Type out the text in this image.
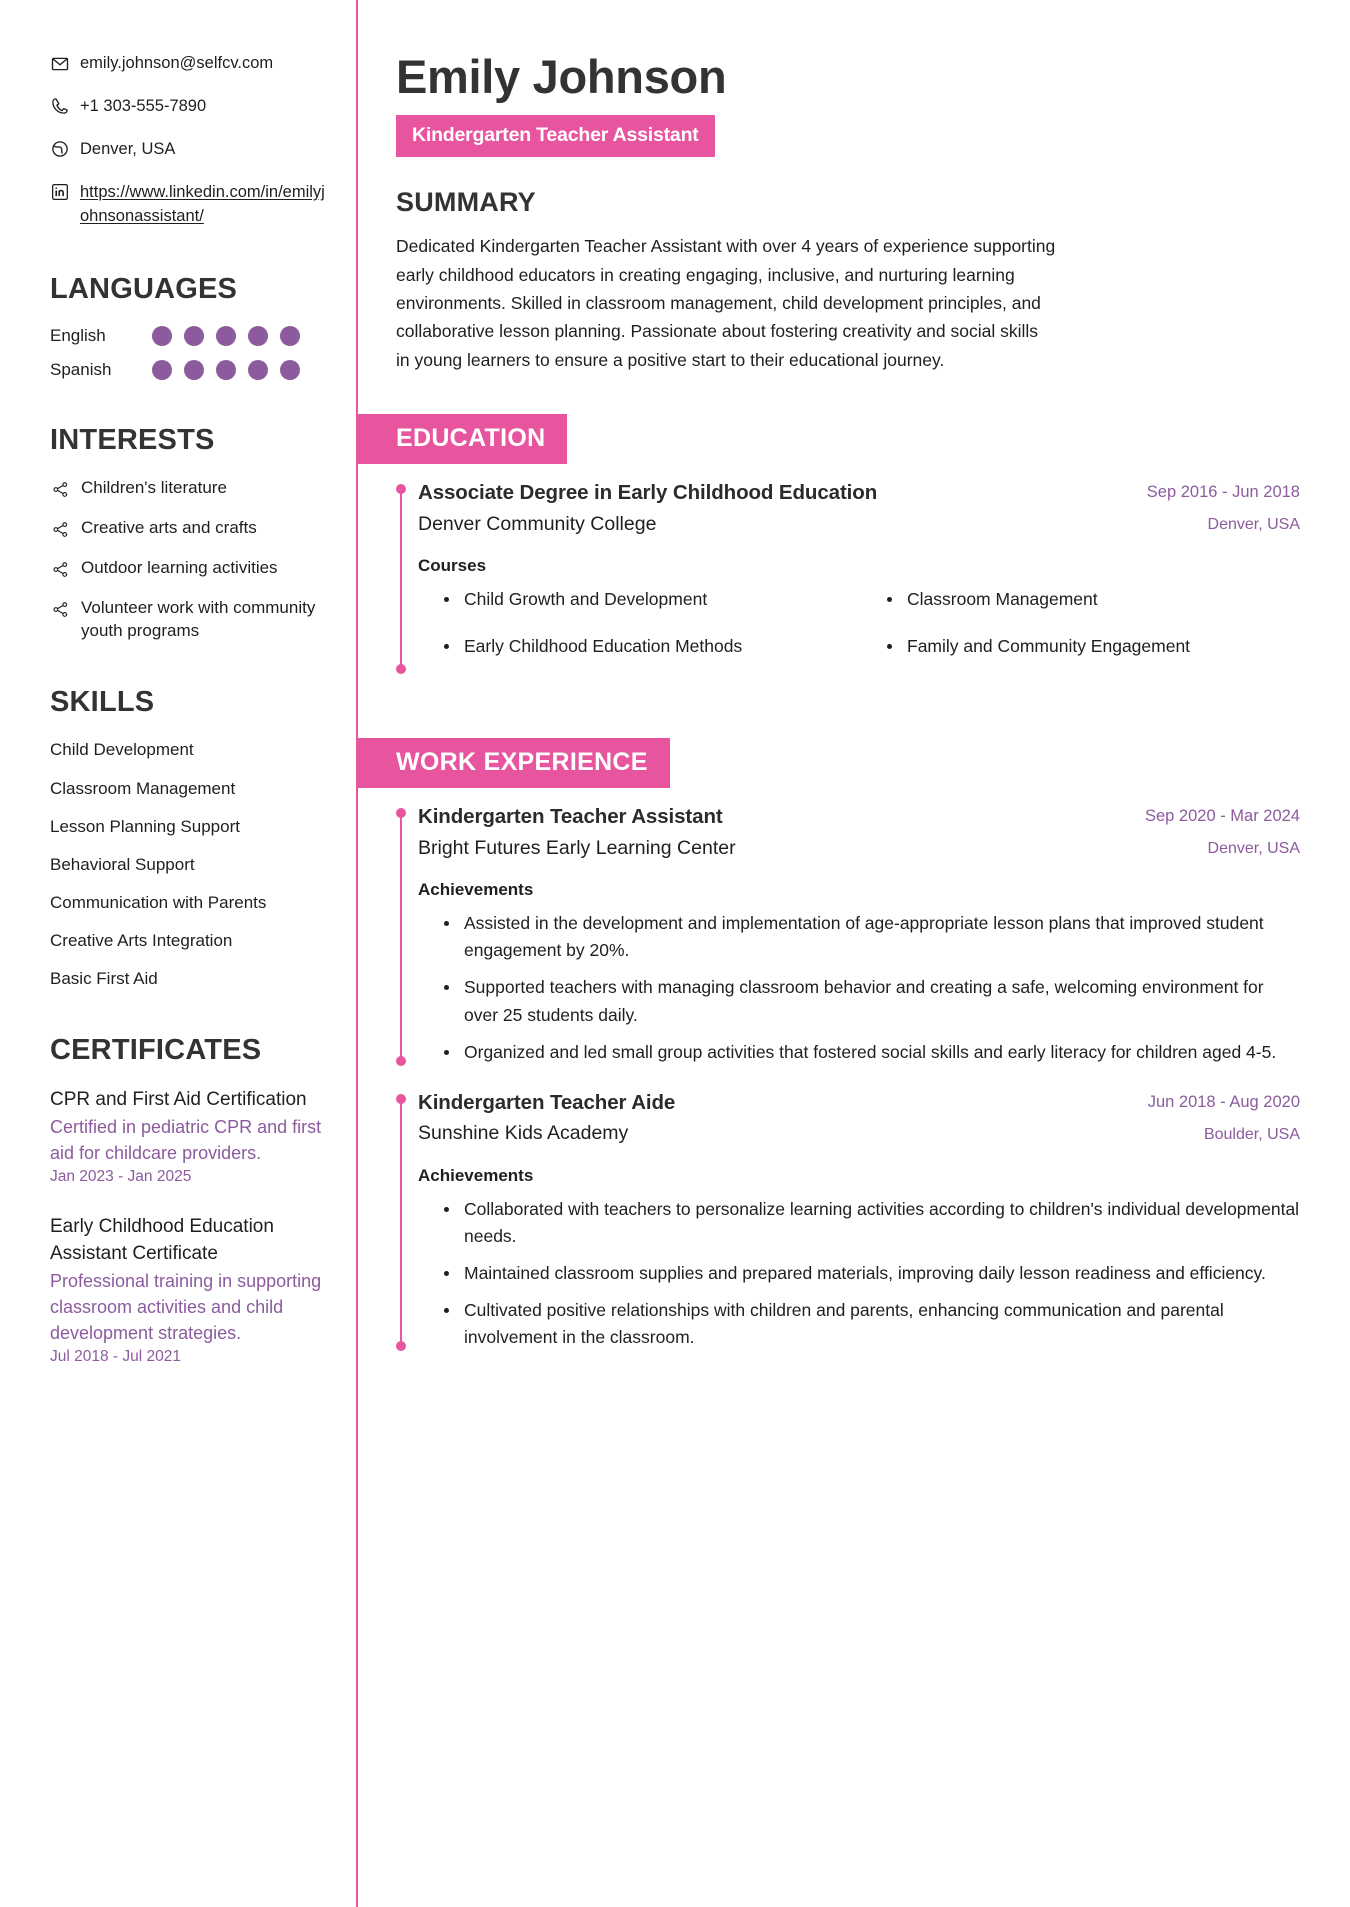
emily.johnson@selfcv.com
+1 303-555-7890
Denver, USA
https://www.linkedin.com/in/emilyjohnsonassistant/
LANGUAGES
English
Spanish
INTERESTS
Children's literature
Creative arts and crafts
Outdoor learning activities
Volunteer work with community youth programs
SKILLS
Child Development
Classroom Management
Lesson Planning Support
Behavioral Support
Communication with Parents
Creative Arts Integration
Basic First Aid
CERTIFICATES
CPR and First Aid Certification
Certified in pediatric CPR and first aid for childcare providers.
Jan 2023 - Jan 2025
Early Childhood Education Assistant Certificate
Professional training in supporting classroom activities and child development strategies.
Jul 2018 - Jul 2021
Emily Johnson
Kindergarten Teacher Assistant
SUMMARY

Dedicated Kindergarten Teacher Assistant with over 4 years of experience supporting early childhood educators in creating engaging, inclusive, and nurturing learning environments. Skilled in classroom management, child development principles, and collaborative lesson planning. Passionate about fostering creativity and social skills in young learners to ensure a positive start to their educational journey.

EDUCATION
Associate Degree in Early Childhood Education
Denver Community College
Sep 2016 - Jun 2018
Denver, USA
Courses
Child Growth and Development	Classroom Management
Early Childhood Education Methods	Family and Community Engagement
WORK EXPERIENCE
Kindergarten Teacher Assistant
Bright Futures Early Learning Center
Sep 2020 - Mar 2024
Denver, USA
Achievements
Assisted in the development and implementation of age-appropriate lesson plans that improved student engagement by 20%.
Supported teachers with managing classroom behavior and creating a safe, welcoming environment for over 25 students daily.
Organized and led small group activities that fostered social skills and early literacy for children aged 4-5.
Kindergarten Teacher Aide
Sunshine Kids Academy
Jun 2018 - Aug 2020
Boulder, USA
Achievements
Collaborated with teachers to personalize learning activities according to children's individual developmental needs.
Maintained classroom supplies and prepared materials, improving daily lesson readiness and efficiency.
Cultivated positive relationships with children and parents, enhancing communication and parental involvement in the classroom.
